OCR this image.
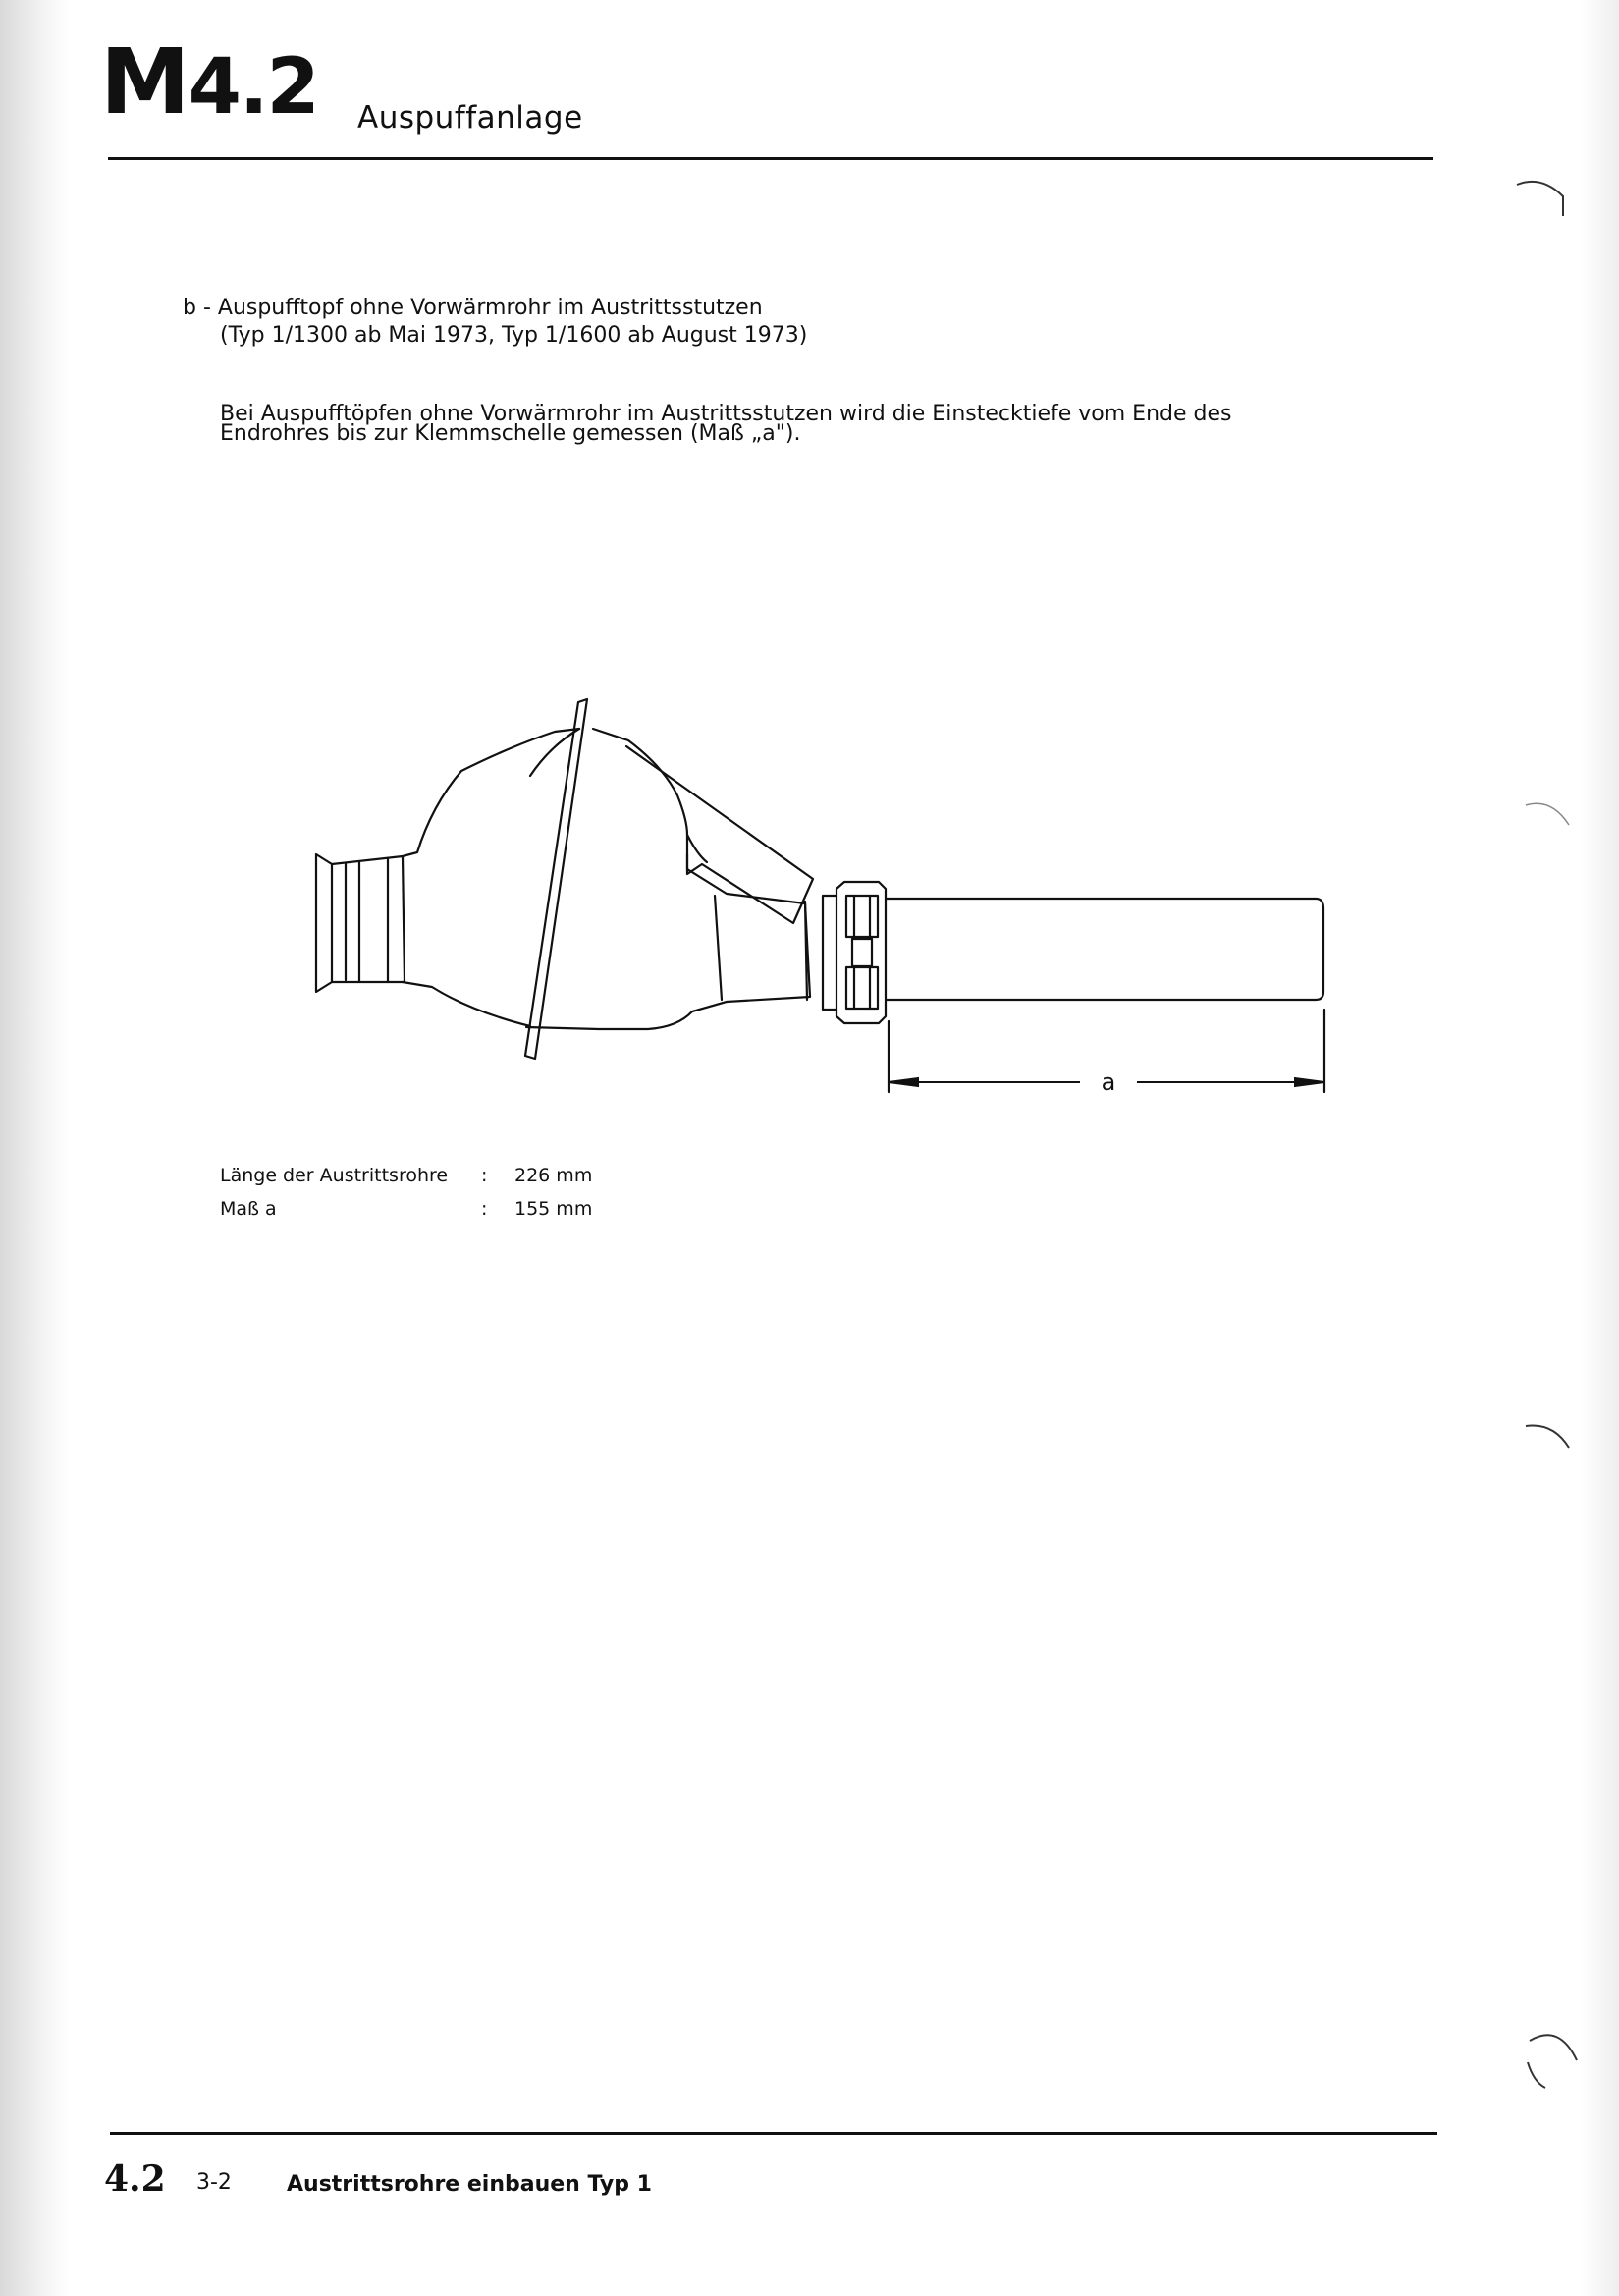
M4.2 Auspuffanlage
b - Auspufftopf ohne Vorwärmrohr im Austrittsstutzen
(Typ 1/1300 ab Mai 1973, Typ 1/1600 ab August 1973)
Bei Auspufftöpfen ohne Vorwärmrohr im Austrittsstutzen wird die Einstecktiefe vom Ende des Endrohres bis zur Klemmschelle gemessen (Maß „a").
a
Länge der Austrittsrohre : 226 mm
Maß a	: 155 mm
4.2 3-2	Austrittsrohre einbauen Typ 1
